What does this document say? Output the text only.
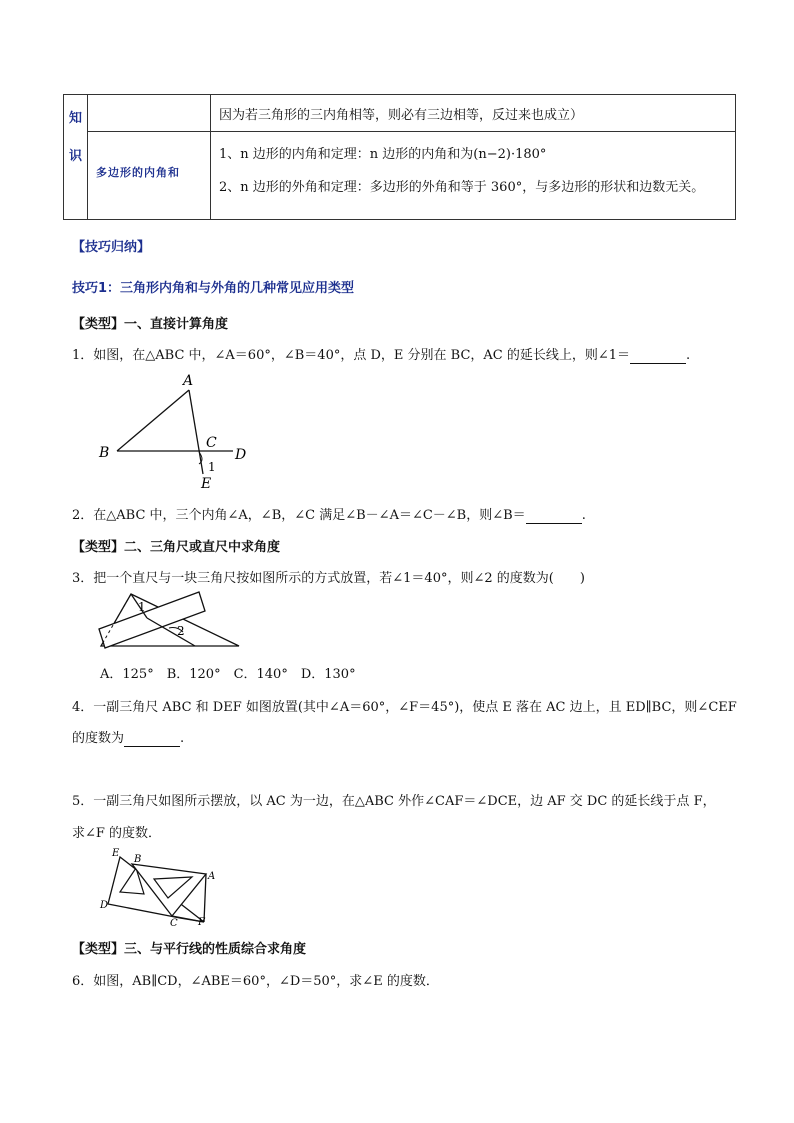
知
识		因为若三角形的三内角相等，则必有三边相等，反过来也成立）

	多边形的内角和	1、n 边形的内角和定理：n 边形的内角和为(n−2)·180°
2、n 边形的外角和定理：多边形的外角和等于 360°，与多边形的形状和边数无关。
【技巧归纳】
技巧1：三角形内角和与外角的几种常见应用类型
【类型】一、直接计算角度
1．如图，在△ABC 中，∠A＝60°，∠B＝40°，点 D，E 分别在 BC，AC 的延长线上，则∠1＝	.
A
B
C
D
E
1
2．在△ABC 中，三个内角∠A，∠B，∠C 满足∠B－∠A＝∠C－∠B，则∠B＝	.
【类型】二、三角尺或直尺中求角度
3．把一个直尺与一块三角尺按如图所示的方式放置，若∠1＝40°，则∠2 的度数为(　　)
1
2
A．125°　B．120°　C．140°　D．130°
4．一副三角尺 ABC 和 DEF 如图放置(其中∠A＝60°，∠F＝45°)，使点 E 落在 AC 边上，且 ED∥BC，则∠CEF
的度数为	.
5．一副三角尺如图所示摆放，以 AC 为一边，在△ABC 外作∠CAF＝∠DCE，边 AF 交 DC 的延长线于点 F，
求∠F 的度数．
E
B
A
D
C F
【类型】三、与平行线的性质综合求角度
6．如图，AB∥CD，∠ABE＝60°，∠D＝50°，求∠E 的度数．
